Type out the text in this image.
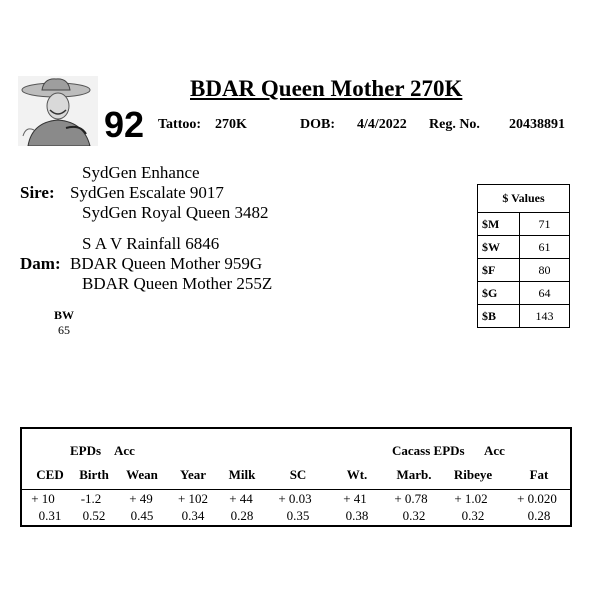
BDAR Queen Mother 270K
92 Tattoo: 270K	DOB: 4/4/2022 Reg. No. 20438891
SydGen Enhance
Sire: SydGen Escalate 9017
SydGen Royal Queen 3482
S A V Rainfall 6846
Dam: BDAR Queen Mother 959G
BDAR Queen Mother 255Z
BW
65
$ Values	
$M	71
$W	61
$F	80
$G	64
$B	143
EPDs Acc	Cacass EPDs Acc
CED	Birth	Wean	Year	Milk	SC	Wt.	Marb.	Ribeye	Fat
+ 10	-1.2	+ 49	+ 102	+ 44	+ 0.03	+ 41	+ 0.78	+ 1.02	+ 0.020
0.31	0.52	0.45	0.34	0.28	0.35	0.38	0.32	0.32	0.28
